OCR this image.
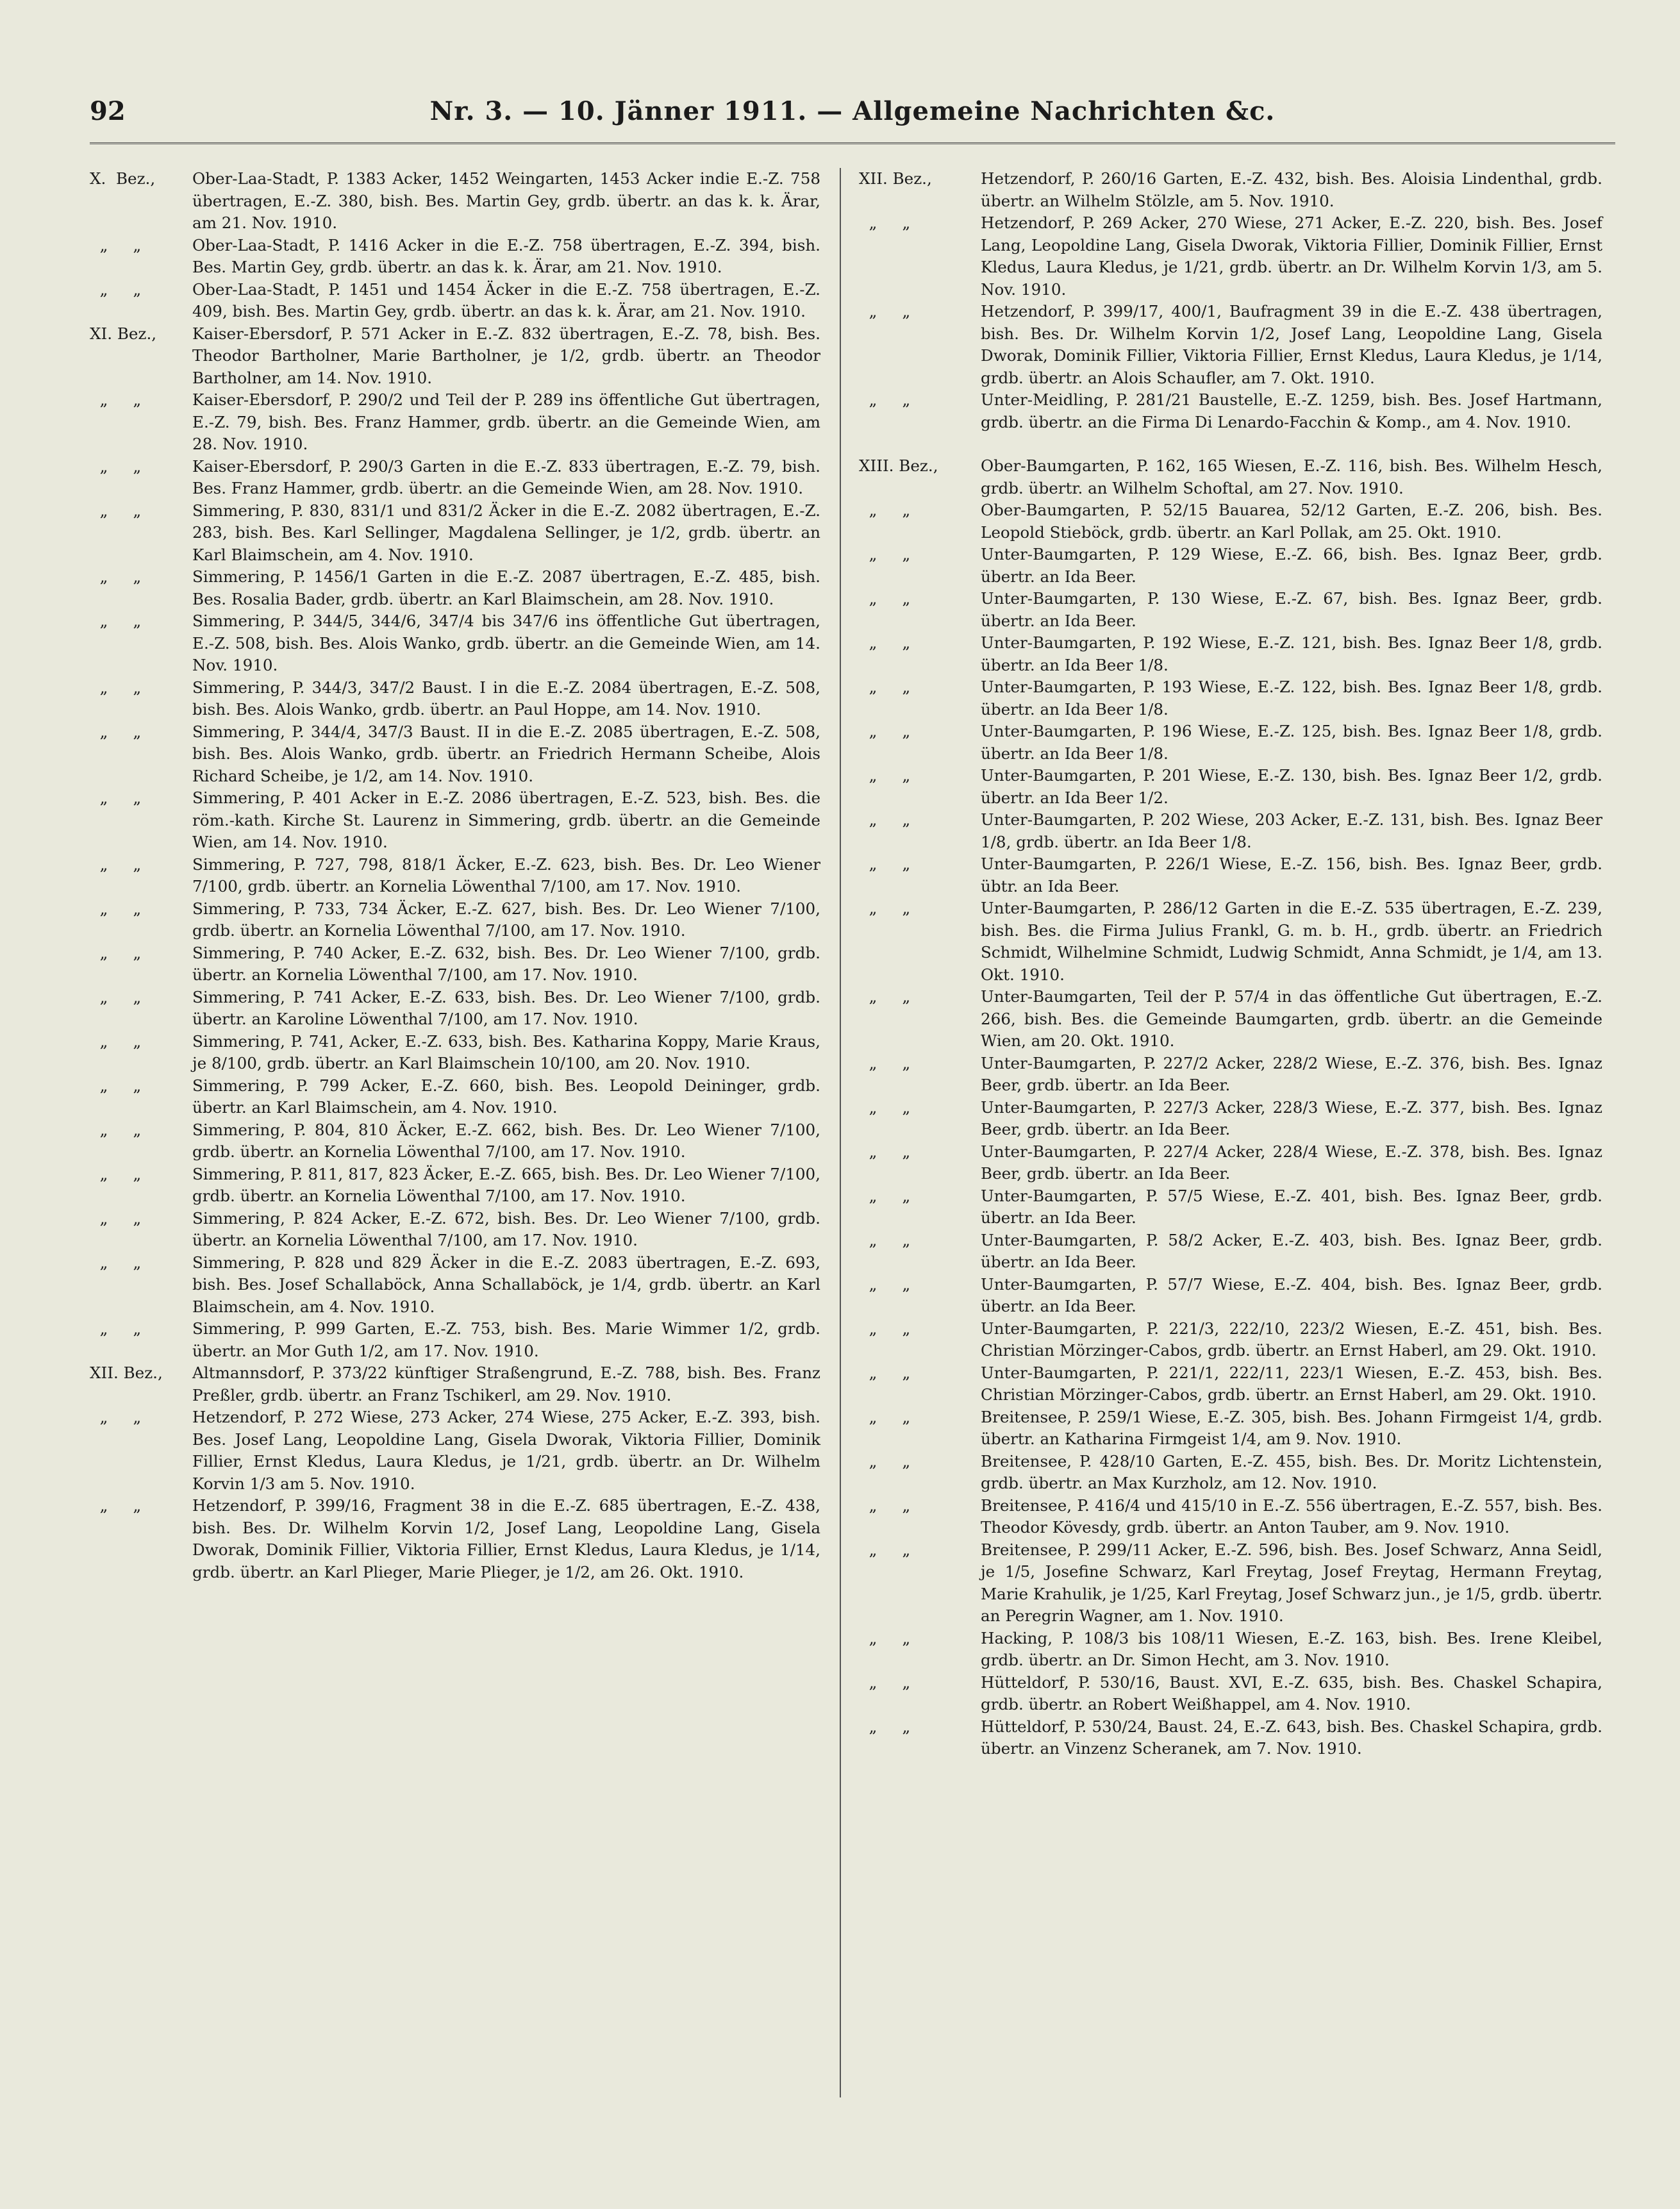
Nr. 3. — 10. Jänner 1911. — Allgemeine Nachrichten &c.
92
X.  Bez.,	Ober-Laa-Stadt, P. 1383 Acker, 1452 Weingarten, 1453 Acker indie E.-Z. 758 übertragen, E.-Z. 380, bish. Bes. Martin Gey, grdb. übertr. an das k. k. Ärar, am 21. Nov. 1910.
„     „	Ober-Laa-Stadt, P. 1416 Acker in die E.-Z. 758 übertragen, E.-Z. 394, bish. Bes. Martin Gey, grdb. übertr. an das k. k. Ärar, am 21. Nov. 1910.
„     „	Ober-Laa-Stadt, P. 1451 und 1454 Äcker in die E.-Z. 758 übertragen, E.-Z. 409, bish. Bes. Martin Gey, grdb. übertr. an das k. k. Ärar, am 21. Nov. 1910.
XI. Bez.,	Kaiser-Ebersdorf, P. 571 Acker in E.-Z. 832 übertragen, E.-Z. 78, bish. Bes. Theodor Bartholner, Marie Bartholner, je 1/2, grdb. übertr. an Theodor Bartholner, am 14. Nov. 1910.
„     „	Kaiser-Ebersdorf, P. 290/2 und Teil der P. 289 ins öffentliche Gut übertragen, E.-Z. 79, bish. Bes. Franz Hammer, grdb. übertr. an die Gemeinde Wien, am 28. Nov. 1910.
„     „	Kaiser-Ebersdorf, P. 290/3 Garten in die E.-Z. 833 übertragen, E.-Z. 79, bish. Bes. Franz Hammer, grdb. übertr. an die Gemeinde Wien, am 28. Nov. 1910.
„     „	Simmering, P. 830, 831/1 und 831/2 Äcker in die E.-Z. 2082 übertragen, E.-Z. 283, bish. Bes. Karl Sellinger, Magdalena Sellinger, je 1/2, grdb. übertr. an Karl Blaimschein, am 4. Nov. 1910.
„     „	Simmering, P. 1456/1 Garten in die E.-Z. 2087 übertragen, E.-Z. 485, bish. Bes. Rosalia Bader, grdb. übertr. an Karl Blaimschein, am 28. Nov. 1910.
„     „	Simmering, P. 344/5, 344/6, 347/4 bis 347/6 ins öffentliche Gut übertragen, E.-Z. 508, bish. Bes. Alois Wanko, grdb. übertr. an die Gemeinde Wien, am 14. Nov. 1910.
„     „	Simmering, P. 344/3, 347/2 Baust. I in die E.-Z. 2084 übertragen, E.-Z. 508, bish. Bes. Alois Wanko, grdb. übertr. an Paul Hoppe, am 14. Nov. 1910.
„     „	Simmering, P. 344/4, 347/3 Baust. II in die E.-Z. 2085 übertragen, E.-Z. 508, bish. Bes. Alois Wanko, grdb. übertr. an Friedrich Hermann Scheibe, Alois Richard Scheibe, je 1/2, am 14. Nov. 1910.
„     „	Simmering, P. 401 Acker in E.-Z. 2086 übertragen, E.-Z. 523, bish. Bes. die röm.-kath. Kirche St. Laurenz in Simmering, grdb. übertr. an die Gemeinde Wien, am 14. Nov. 1910.
„     „	Simmering, P. 727, 798, 818/1 Äcker, E.-Z. 623, bish. Bes. Dr. Leo Wiener 7/100, grdb. übertr. an Kornelia Löwenthal 7/100, am 17. Nov. 1910.
„     „	Simmering, P. 733, 734 Äcker, E.-Z. 627, bish. Bes. Dr. Leo Wiener 7/100, grdb. übertr. an Kornelia Löwenthal 7/100, am 17. Nov. 1910.
„     „	Simmering, P. 740 Acker, E.-Z. 632, bish. Bes. Dr. Leo Wiener 7/100, grdb. übertr. an Kornelia Löwenthal 7/100, am 17. Nov. 1910.
„     „	Simmering, P. 741 Acker, E.-Z. 633, bish. Bes. Dr. Leo Wiener 7/100, grdb. übertr. an Karoline Löwenthal 7/100, am 17. Nov. 1910.
„     „	Simmering, P. 741, Acker, E.-Z. 633, bish. Bes. Katharina Koppy, Marie Kraus, je 8/100, grdb. übertr. an Karl Blaimschein 10/100, am 20. Nov. 1910.
„     „	Simmering, P. 799 Acker, E.-Z. 660, bish. Bes. Leopold Deininger, grdb. übertr. an Karl Blaimschein, am 4. Nov. 1910.
„     „	Simmering, P. 804, 810 Äcker, E.-Z. 662, bish. Bes. Dr. Leo Wiener 7/100, grdb. übertr. an Kornelia Löwenthal 7/100, am 17. Nov. 1910.
„     „	Simmering, P. 811, 817, 823 Äcker, E.-Z. 665, bish. Bes. Dr. Leo Wiener 7/100, grdb. übertr. an Kornelia Löwenthal 7/100, am 17. Nov. 1910.
„     „	Simmering, P. 824 Acker, E.-Z. 672, bish. Bes. Dr. Leo Wiener 7/100, grdb. übertr. an Kornelia Löwenthal 7/100, am 17. Nov. 1910.
„     „	Simmering, P. 828 und 829 Äcker in die E.-Z. 2083 übertragen, E.-Z. 693, bish. Bes. Josef Schallaböck, Anna Schallaböck, je 1/4, grdb. übertr. an Karl Blaimschein, am 4. Nov. 1910.
„     „	Simmering, P. 999 Garten, E.-Z. 753, bish. Bes. Marie Wimmer 1/2, grdb. übertr. an Mor Guth 1/2, am 17. Nov. 1910.
XII. Bez.,	Altmannsdorf, P. 373/22 künftiger Straßengrund, E.-Z. 788, bish. Bes. Franz Preßler, grdb. übertr. an Franz Tschikerl, am 29. Nov. 1910.
„     „	Hetzendorf, P. 272 Wiese, 273 Acker, 274 Wiese, 275 Acker, E.-Z. 393, bish. Bes. Josef Lang, Leopoldine Lang, Gisela Dworak, Viktoria Fillier, Dominik Fillier, Ernst Kledus, Laura Kledus, je 1/21, grdb. übertr. an Dr. Wilhelm Korvin 1/3 am 5. Nov. 1910.
„     „	Hetzendorf, P. 399/16, Fragment 38 in die E.-Z. 685 übertragen, E.-Z. 438, bish. Bes. Dr. Wilhelm Korvin 1/2, Josef Lang, Leopoldine Lang, Gisela Dworak, Dominik Fillier, Viktoria Fillier, Ernst Kledus, Laura Kledus, je 1/14, grdb. übertr. an Karl Plieger, Marie Plieger, je 1/2, am 26. Okt. 1910.
XII. Bez.,	Hetzendorf, P. 260/16 Garten, E.-Z. 432, bish. Bes. Aloisia Lindenthal, grdb. übertr. an Wilhelm Stölzle, am 5. Nov. 1910.
„     „	Hetzendorf, P. 269 Acker, 270 Wiese, 271 Acker, E.-Z. 220, bish. Bes. Josef Lang, Leopoldine Lang, Gisela Dworak, Viktoria Fillier, Dominik Fillier, Ernst Kledus, Laura Kledus, je 1/21, grdb. übertr. an Dr. Wilhelm Korvin 1/3, am 5. Nov. 1910.
„     „	Hetzendorf, P. 399/17, 400/1, Baufragment 39 in die E.-Z. 438 übertragen, bish. Bes. Dr. Wilhelm Korvin 1/2, Josef Lang, Leopoldine Lang, Gisela Dworak, Dominik Fillier, Viktoria Fillier, Ernst Kledus, Laura Kledus, je 1/14, grdb. übertr. an Alois Schaufler, am 7. Okt. 1910.
„     „	Unter-Meidling, P. 281/21 Baustelle, E.-Z. 1259, bish. Bes. Josef Hartmann, grdb. übertr. an die Firma Di Lenardo-Facchin & Komp., am 4. Nov. 1910.
XIII. Bez.,	Ober-Baumgarten, P. 162, 165 Wiesen, E.-Z. 116, bish. Bes. Wilhelm Hesch, grdb. übertr. an Wilhelm Schoftal, am 27. Nov. 1910.
„     „	Ober-Baumgarten, P. 52/15 Bauarea, 52/12 Garten, E.-Z. 206, bish. Bes. Leopold Stieböck, grdb. übertr. an Karl Pollak, am 25. Okt. 1910.
„     „	Unter-Baumgarten, P. 129 Wiese, E.-Z. 66, bish. Bes. Ignaz Beer, grdb. übertr. an Ida Beer.
„     „	Unter-Baumgarten, P. 130 Wiese, E.-Z. 67, bish. Bes. Ignaz Beer, grdb. übertr. an Ida Beer.
„     „	Unter-Baumgarten, P. 192 Wiese, E.-Z. 121, bish. Bes. Ignaz Beer 1/8, grdb. übertr. an Ida Beer 1/8.
„     „	Unter-Baumgarten, P. 193 Wiese, E.-Z. 122, bish. Bes. Ignaz Beer 1/8, grdb. übertr. an Ida Beer 1/8.
„     „	Unter-Baumgarten, P. 196 Wiese, E.-Z. 125, bish. Bes. Ignaz Beer 1/8, grdb. übertr. an Ida Beer 1/8.
„     „	Unter-Baumgarten, P. 201 Wiese, E.-Z. 130, bish. Bes. Ignaz Beer 1/2, grdb. übertr. an Ida Beer 1/2.
„     „	Unter-Baumgarten, P. 202 Wiese, 203 Acker, E.-Z. 131, bish. Bes. Ignaz Beer 1/8, grdb. übertr. an Ida Beer 1/8.
„     „	Unter-Baumgarten, P. 226/1 Wiese, E.-Z. 156, bish. Bes. Ignaz Beer, grdb. übtr. an Ida Beer.
„     „	Unter-Baumgarten, P. 286/12 Garten in die E.-Z. 535 übertragen, E.-Z. 239, bish. Bes. die Firma Julius Frankl, G. m. b. H., grdb. übertr. an Friedrich Schmidt, Wilhelmine Schmidt, Ludwig Schmidt, Anna Schmidt, je 1/4, am 13. Okt. 1910.
„     „	Unter-Baumgarten, Teil der P. 57/4 in das öffentliche Gut übertragen, E.-Z. 266, bish. Bes. die Gemeinde Baumgarten, grdb. übertr. an die Gemeinde Wien, am 20. Okt. 1910.
„     „	Unter-Baumgarten, P. 227/2 Acker, 228/2 Wiese, E.-Z. 376, bish. Bes. Ignaz Beer, grdb. übertr. an Ida Beer.
„     „	Unter-Baumgarten, P. 227/3 Acker, 228/3 Wiese, E.-Z. 377, bish. Bes. Ignaz Beer, grdb. übertr. an Ida Beer.
„     „	Unter-Baumgarten, P. 227/4 Acker, 228/4 Wiese, E.-Z. 378, bish. Bes. Ignaz Beer, grdb. übertr. an Ida Beer.
„     „	Unter-Baumgarten, P. 57/5 Wiese, E.-Z. 401, bish. Bes. Ignaz Beer, grdb. übertr. an Ida Beer.
„     „	Unter-Baumgarten, P. 58/2 Acker, E.-Z. 403, bish. Bes. Ignaz Beer, grdb. übertr. an Ida Beer.
„     „	Unter-Baumgarten, P. 57/7 Wiese, E.-Z. 404, bish. Bes. Ignaz Beer, grdb. übertr. an Ida Beer.
„     „	Unter-Baumgarten, P. 221/3, 222/10, 223/2 Wiesen, E.-Z. 451, bish. Bes. Christian Mörzinger-Cabos, grdb. übertr. an Ernst Haberl, am 29. Okt. 1910.
„     „	Unter-Baumgarten, P. 221/1, 222/11, 223/1 Wiesen, E.-Z. 453, bish. Bes. Christian Mörzinger-Cabos, grdb. übertr. an Ernst Haberl, am 29. Okt. 1910.
„     „	Breitensee, P. 259/1 Wiese, E.-Z. 305, bish. Bes. Johann Firmgeist 1/4, grdb. übertr. an Katharina Firmgeist 1/4, am 9. Nov. 1910.
„     „	Breitensee, P. 428/10 Garten, E.-Z. 455, bish. Bes. Dr. Moritz Lichtenstein, grdb. übertr. an Max Kurzholz, am 12. Nov. 1910.
„     „	Breitensee, P. 416/4 und 415/10 in E.-Z. 556 übertragen, E.-Z. 557, bish. Bes. Theodor Kövesdy, grdb. übertr. an Anton Tauber, am 9. Nov. 1910.
„     „	Breitensee, P. 299/11 Acker, E.-Z. 596, bish. Bes. Josef Schwarz, Anna Seidl, je 1/5, Josefine Schwarz, Karl Freytag, Josef Freytag, Hermann Freytag, Marie Krahulik, je 1/25, Karl Freytag, Josef Schwarz jun., je 1/5, grdb. übertr. an Peregrin Wagner, am 1. Nov. 1910.
„     „	Hacking, P. 108/3 bis 108/11 Wiesen, E.-Z. 163, bish. Bes. Irene Kleibel, grdb. übertr. an Dr. Simon Hecht, am 3. Nov. 1910.
„     „	Hütteldorf, P. 530/16, Baust. XVI, E.-Z. 635, bish. Bes. Chaskel Schapira, grdb. übertr. an Robert Weißhappel, am 4. Nov. 1910.
„     „	Hütteldorf, P. 530/24, Baust. 24, E.-Z. 643, bish. Bes. Chaskel Schapira, grdb. übertr. an Vinzenz Scheranek, am 7. Nov. 1910.
